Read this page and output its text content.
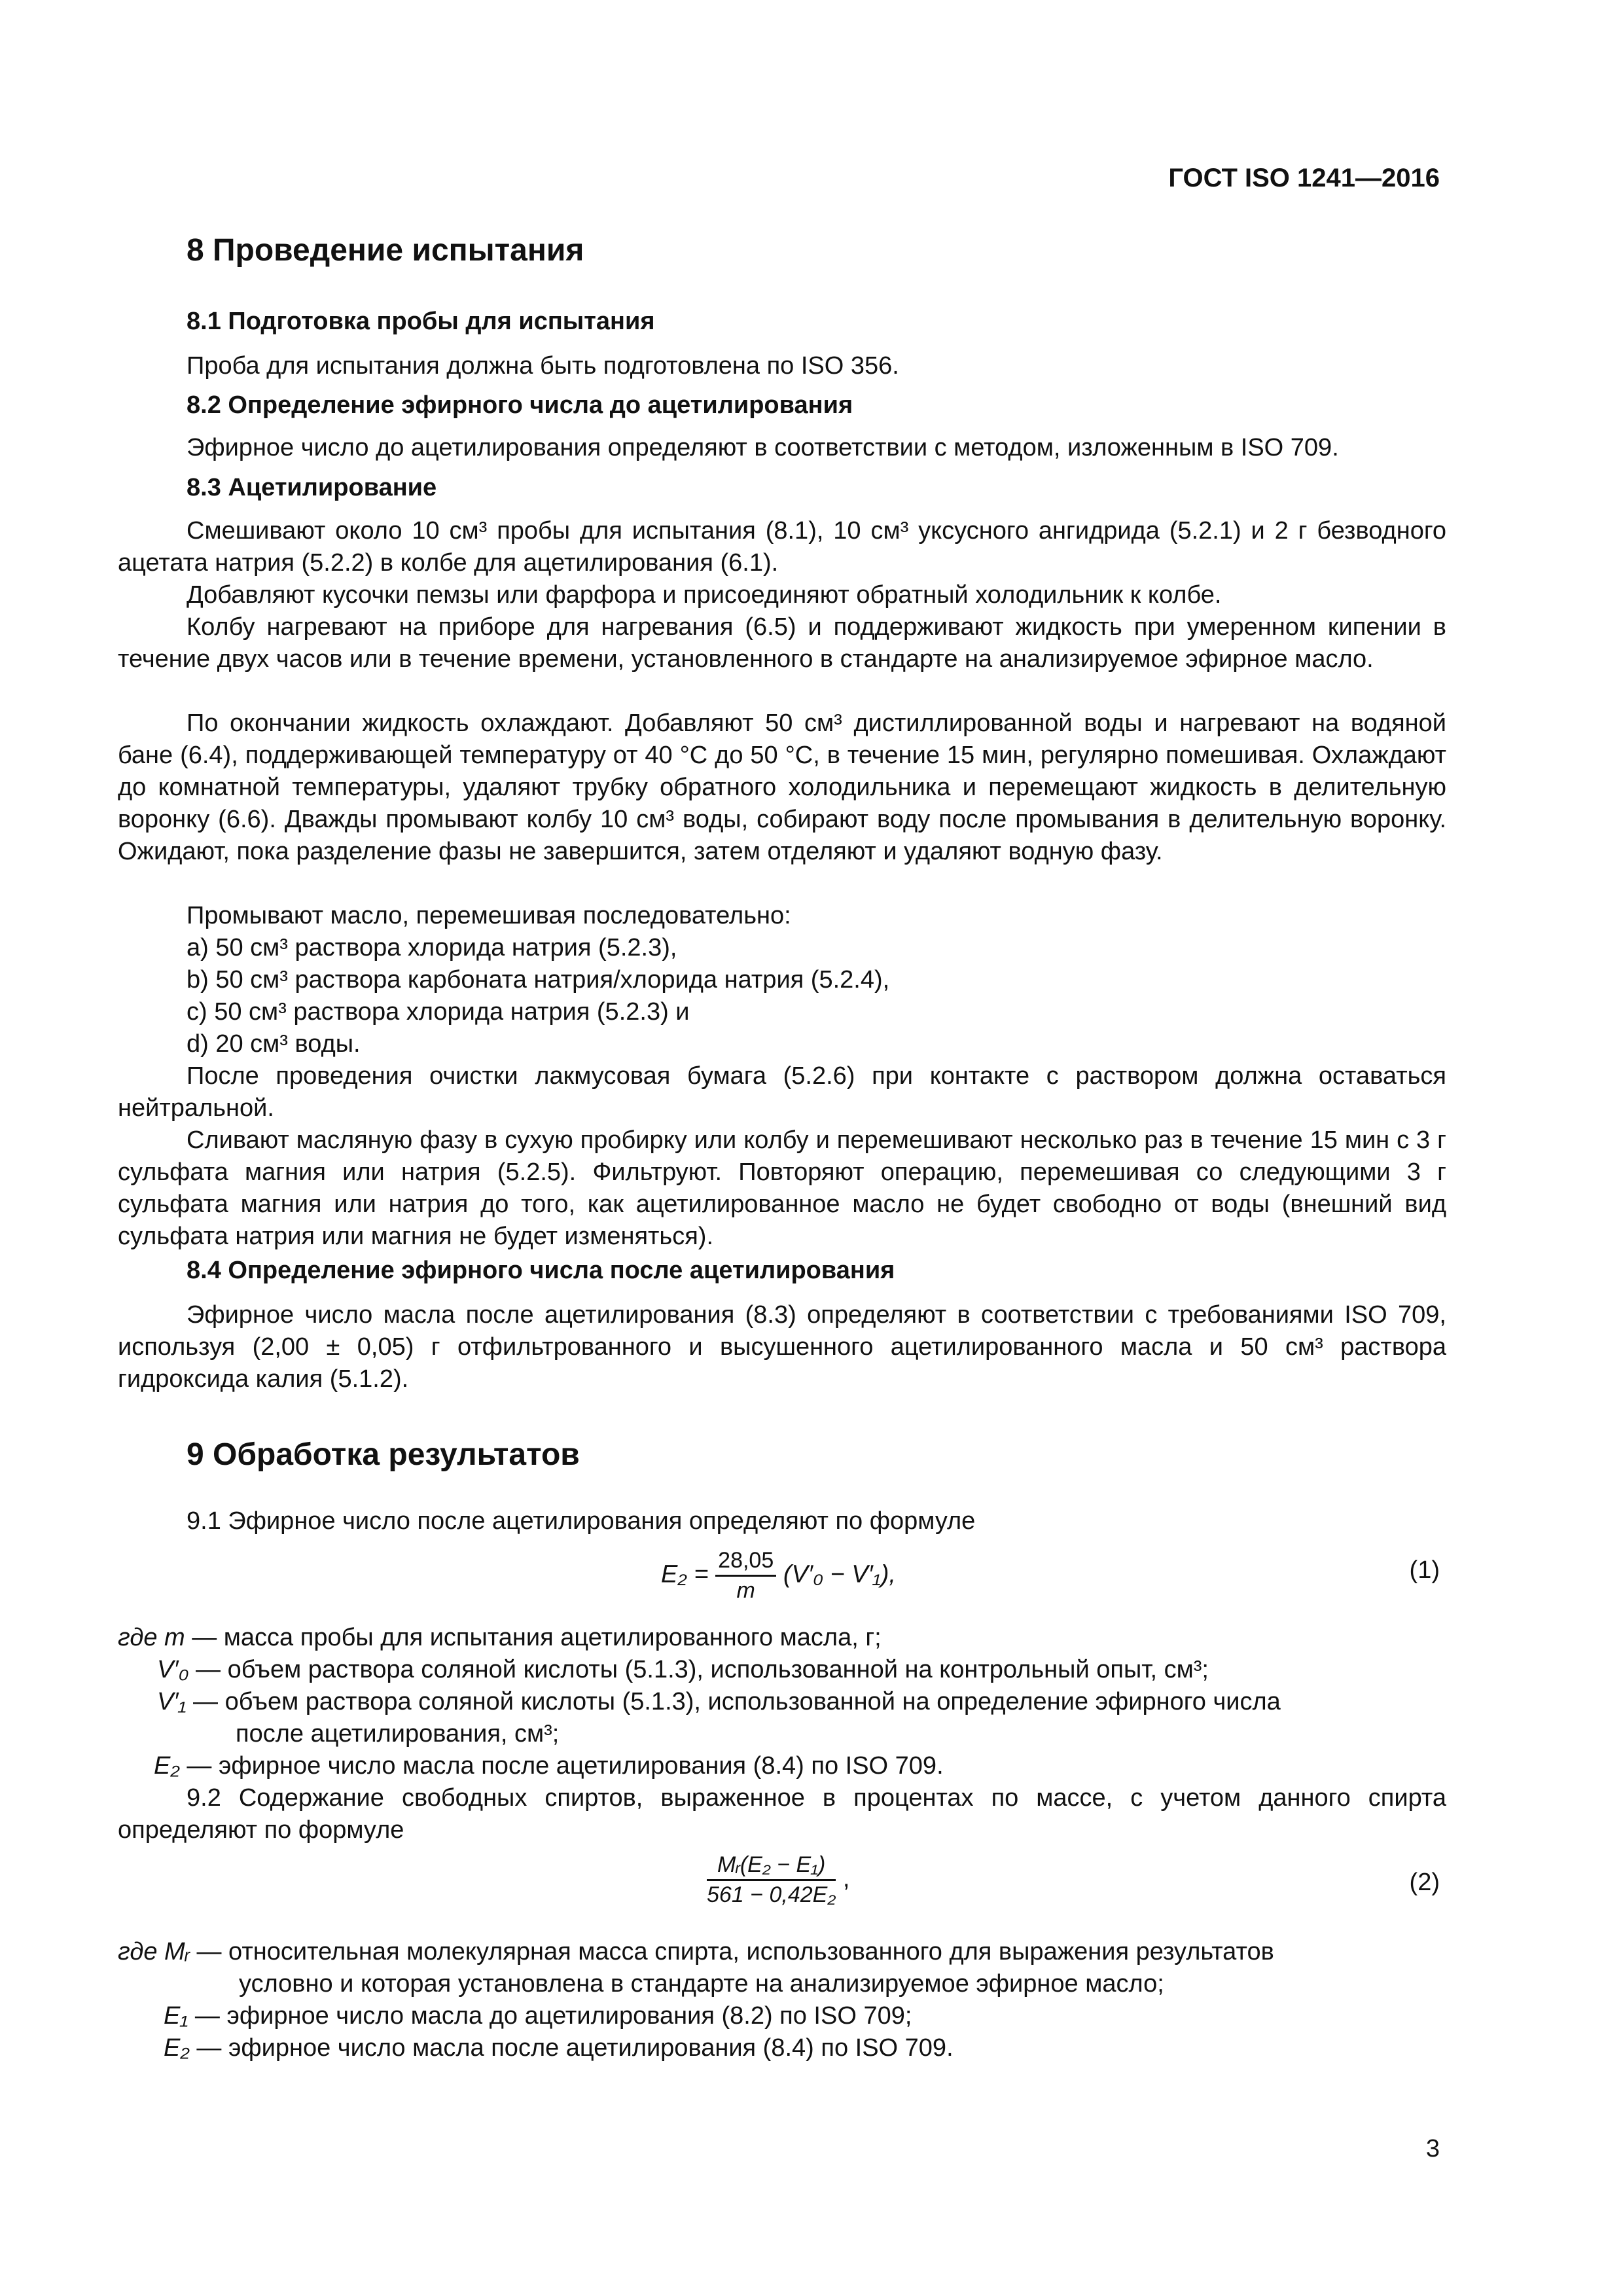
ГОСТ ISO 1241—2016
8 Проведение испытания
8.1 Подготовка пробы для испытания
Проба для испытания должна быть подготовлена по ISO 356.
8.2 Определение эфирного числа до ацетилирования
Эфирное число до ацетилирования определяют в соответствии с методом, изложенным в ISO 709.
8.3 Ацетилирование
Смешивают около 10 см³ пробы для испытания (8.1), 10 см³ уксусного ангидрида (5.2.1) и 2 г безводного ацетата натрия (5.2.2) в колбе для ацетилирования (6.1).
Добавляют кусочки пемзы или фарфора и присоединяют обратный холодильник к колбе.
Колбу нагревают на приборе для нагревания (6.5) и поддерживают жидкость при умеренном кипении в течение двух часов или в течение времени, установленного в стандарте на анализируемое эфирное масло.
По окончании жидкость охлаждают. Добавляют 50 см³ дистиллированной воды и нагревают на водяной бане (6.4), поддерживающей температуру от 40 °С до 50 °С, в течение 15 мин, регулярно помешивая. Охлаждают до комнатной температуры, удаляют трубку обратного холодильника и перемещают жидкость в делительную воронку (6.6). Дважды промывают колбу 10 см³ воды, собирают воду после промывания в делительную воронку. Ожидают, пока разделение фазы не завершится, затем отделяют и удаляют водную фазу.
Промывают масло, перемешивая последовательно:
a) 50 см³ раствора хлорида натрия (5.2.3),
b) 50 см³ раствора карбоната натрия/хлорида натрия (5.2.4),
c) 50 см³ раствора хлорида натрия (5.2.3) и
d) 20 см³ воды.
После проведения очистки лакмусовая бумага (5.2.6) при контакте с раствором должна оставаться нейтральной.
Сливают масляную фазу в сухую пробирку или колбу и перемешивают несколько раз в течение 15 мин с 3 г сульфата магния или натрия (5.2.5). Фильтруют. Повторяют операцию, перемешивая со следующими 3 г сульфата магния или натрия до того, как ацетилированное масло не будет свободно от воды (внешний вид сульфата натрия или магния не будет изменяться).
8.4 Определение эфирного числа после ацетилирования
Эфирное число масла после ацетилирования (8.3) определяют в соответствии с требованиями ISO 709, используя (2,00 ± 0,05) г отфильтрованного и высушенного ацетилированного масла и 50 см³ раствора гидроксида калия (5.1.2).
9 Обработка результатов
9.1 Эфирное число после ацетилирования определяют по формуле
$E_2 = \frac{28,05}{m} (V'_0 - V'_1)$,	(1)
где m — масса пробы для испытания ацетилированного масла, г;
V′₀ — объем раствора соляной кислоты (5.1.3), использованной на контрольный опыт, см³;
V′₁ — объем раствора соляной кислоты (5.1.3), использованной на определение эфирного числа
после ацетилирования, см³;
E₂ — эфирное число масла после ацетилирования (8.4) по ISO 709.
9.2 Содержание свободных спиртов, выраженное в процентах по массе, с учетом данного спирта определяют по формуле
$\frac{\text{Mᵣ(E₂ − E₁)}}{\text{561 − 0,42E₂}}$ ,	(2)
где Mᵣ — относительная молекулярная масса спирта, использованного для выражения результатов
условно и которая установлена в стандарте на анализируемое эфирное масло;
E₁ — эфирное число масла до ацетилирования (8.2) по ISO 709;
E₂ — эфирное число масла после ацетилирования (8.4) по ISO 709.
3
